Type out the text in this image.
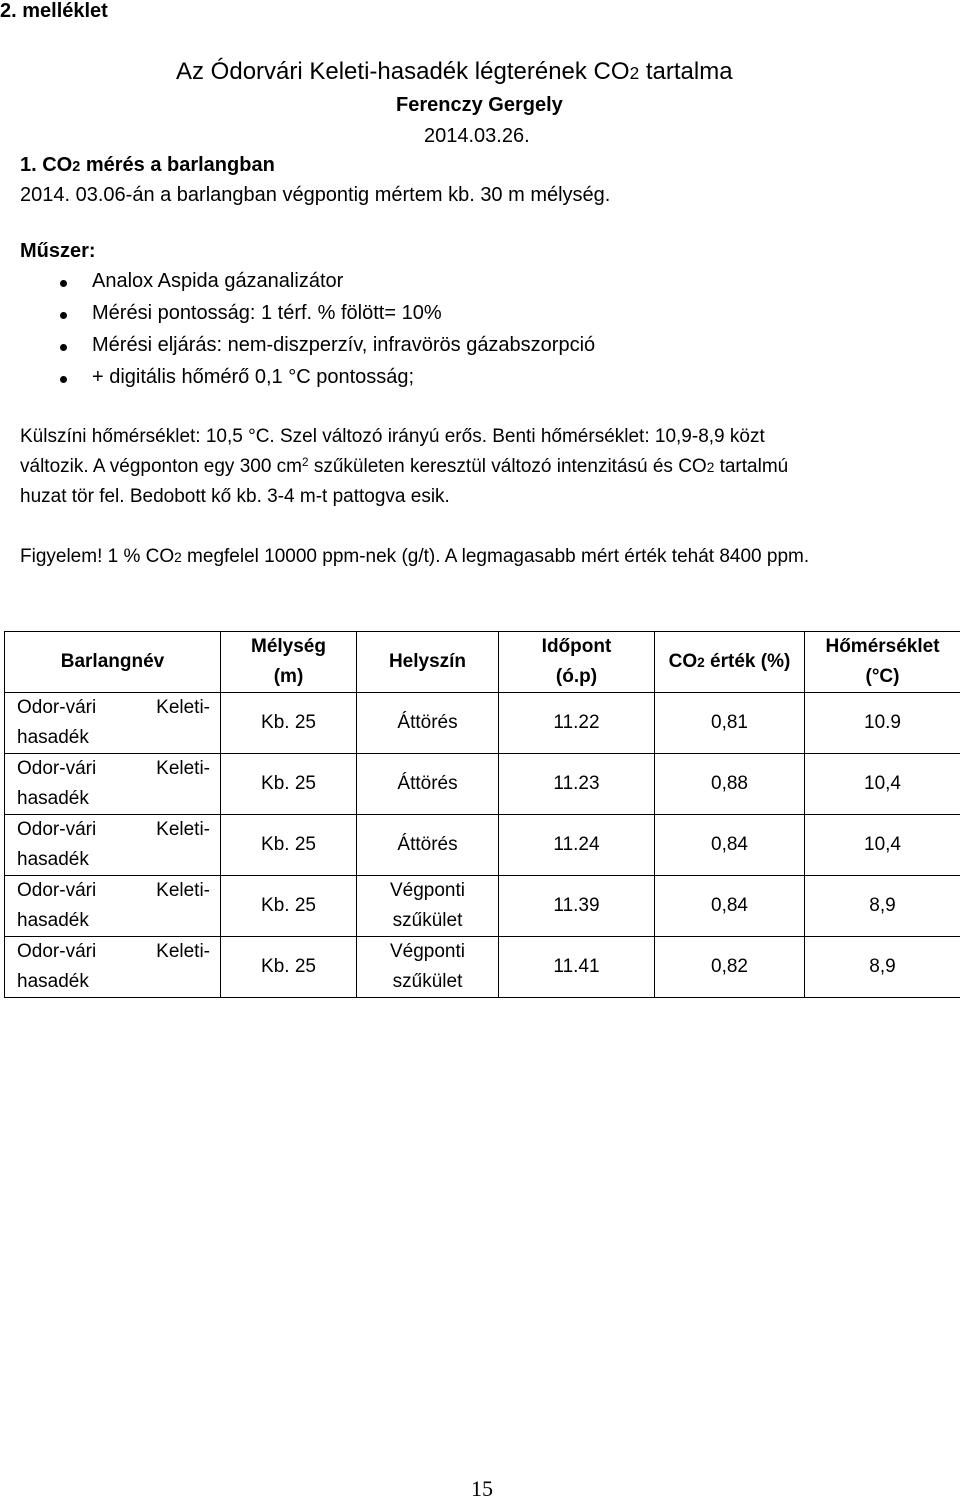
2. melléklet
Az Ódorvári Keleti-hasadék légterének CO2 tartalma
Ferenczy Gergely
2014.03.26.
1. CO2 mérés a barlangban
2014. 03.06-án a barlangban végpontig mértem kb. 30 m mélység.
Műszer:
Analox Aspida gázanalizátor
Mérési pontosság: 1 térf. % fölött= 10%
Mérési eljárás: nem-diszperzív, infravörös gázabszorpció
+ digitális hőmérő 0,1 °C pontosság;
Külszíni hőmérséklet: 10,5 °C. Szel változó irányú erős. Benti hőmérséklet: 10,9-8,9 közt
változik. A végponton egy 300 $cm^2$ szűkületen keresztül változó intenzitású és CO2 tartalmú
huzat tör fel. Bedobott kő kb. 3-4 m-t pattogva esik.
Figyelem! 1 % CO2 megfelel 10000 ppm-nek (g/t). A legmagasabb mért érték tehát 8400 ppm.
Barlangnév	Mélység (m)	Helyszín	Időpont (ó.p)	CO2 érték (%)	Hőmérséklet (°C)

Odor-vári Keleti-
hasadék	Kb. 25	Áttörés	11.22	0,81	10.9

Odor-vári Keleti-
hasadék	Kb. 25	Áttörés	11.23	0,88	10,4

Odor-vári Keleti-
hasadék	Kb. 25	Áttörés	11.24	0,84	10,4

Odor-vári Keleti-
hasadék	Kb. 25	Végponti szűkület	11.39	0,84	8,9

Odor-vári Keleti-
hasadék	Kb. 25	Végponti szűkület	11.41	0,82	8,9
15
